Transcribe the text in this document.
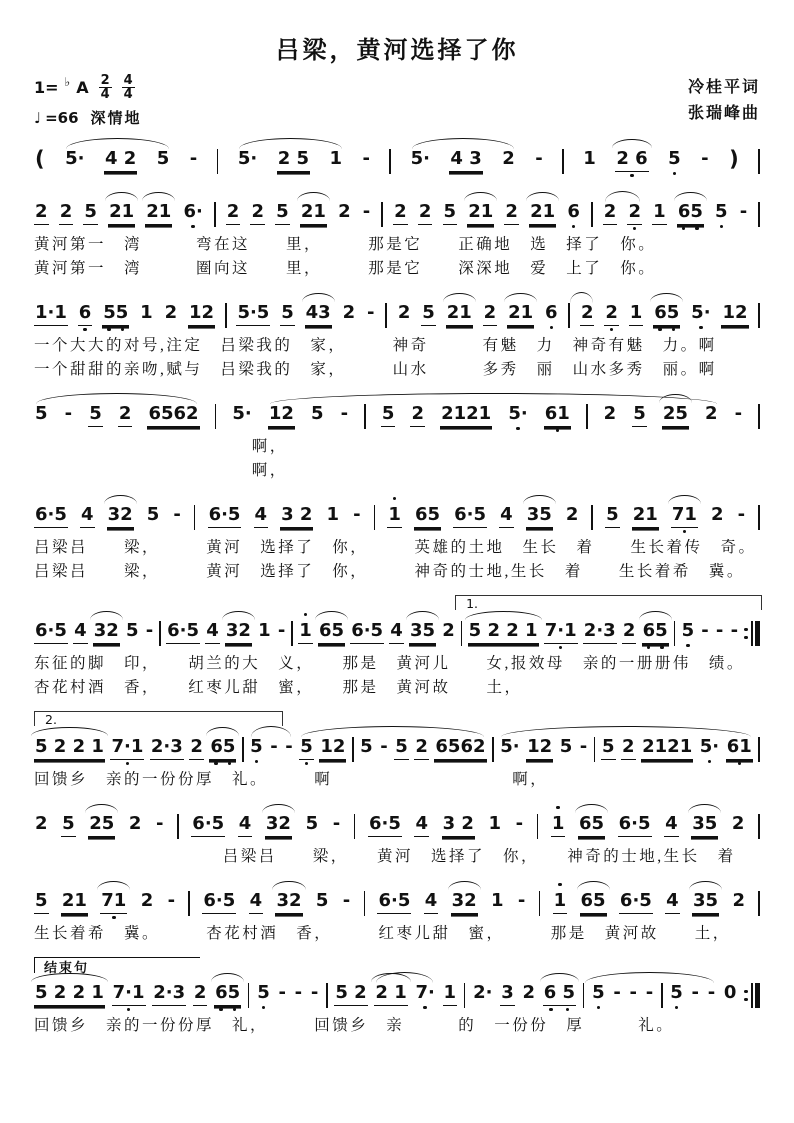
吕梁，黄河选择了你
1= ♭ A $\frac{2}{4} \frac{4}{4}$
♩ =66 深情地
冷桂平词
张瑞峰曲
( 5· 4 2 5 - 5· 2 5 1 - 5· 4 3 2 - 1 2 6 5 - )
2 2 5 21 21 6· 2 2 5 21 2 - 2 2 5 21 2 21 6 2 2 1 65 5 -
黄河第一　湾　　　弯在这　　里，　　　那是它　　正确地　选　择了　你。
黄河第一　湾　　　圈向这　　里，　　　那是它　　深深地　爱　上了　你。
1·1 6 55 1 2 12 5·5 5 43 2 - 2 5 21 2 21 6 2 2 1 65 5· 12
一个大大的对号,注定　吕梁我的　家，　　　神奇　　　有魅　力　神奇有魅　力。啊
一个甜甜的亲吻,赋与　吕梁我的　家，　　　山水　　　多秀　丽　山水多秀　丽。啊
5 - 5 2 6562 5· 12 5 - 5 2 2121 5· 61 2 5 25 2 -
啊，
啊，
6·5 4 32 5 - 6·5 4 3 2 1 - 1 65 6·5 4 35 2 5 21 71 2 -
吕梁吕　　梁，　　　黄河　选择了　你，　　　英雄的土地　生长　着　　生长着传　奇。
吕梁吕　　梁，　　　黄河　选择了　你，　　　神奇的士地,生长　着　　生长着希　冀。
1.
6·5 4 32 5 - 6·5 4 32 1 - 1 65 6·5 4 35 2 5 2 2 1 7·1 2·3 2 65 5 - - -
东征的脚　印，　　胡兰的大　义，　　那是　黄河儿　　女,报效母　亲的一册册伟　绩。
杏花村酒　香，　　红枣儿甜　蜜，　　那是　黄河故　　土，
2.
5 2 2 1 7·1 2·3 2 65 5 - - 5 12 5 - 5 2 6562 5· 12 5 - 5 2 2121 5· 61
回馈乡　亲的一份份厚　礼。　　　啊　　　　　　　　　　啊，
2 5 25 2 - 6·5 4 32 5 - 6·5 4 3 2 1 - 1 65 6·5 4 35 2
吕梁吕　　梁，　　黄河　选择了　你，　　神奇的士地,生长　着
5 21 71 2 - 6·5 4 32 5 - 6·5 4 32 1 - 1 65 6·5 4 35 2
生长着希　冀。　　　杏花村酒　香，　　　红枣儿甜　蜜，　　　那是　黄河故　　土，
结束句
5 2 2 1 7·1 2·3 2 65 5 - - - 5 2 2 1 7· 1 2· 3 2 6 5 5 - - - 5 - - 0
回馈乡　亲的一份份厚　礼，　　　回馈乡　亲　　　的　一份份　厚　　　礼。
